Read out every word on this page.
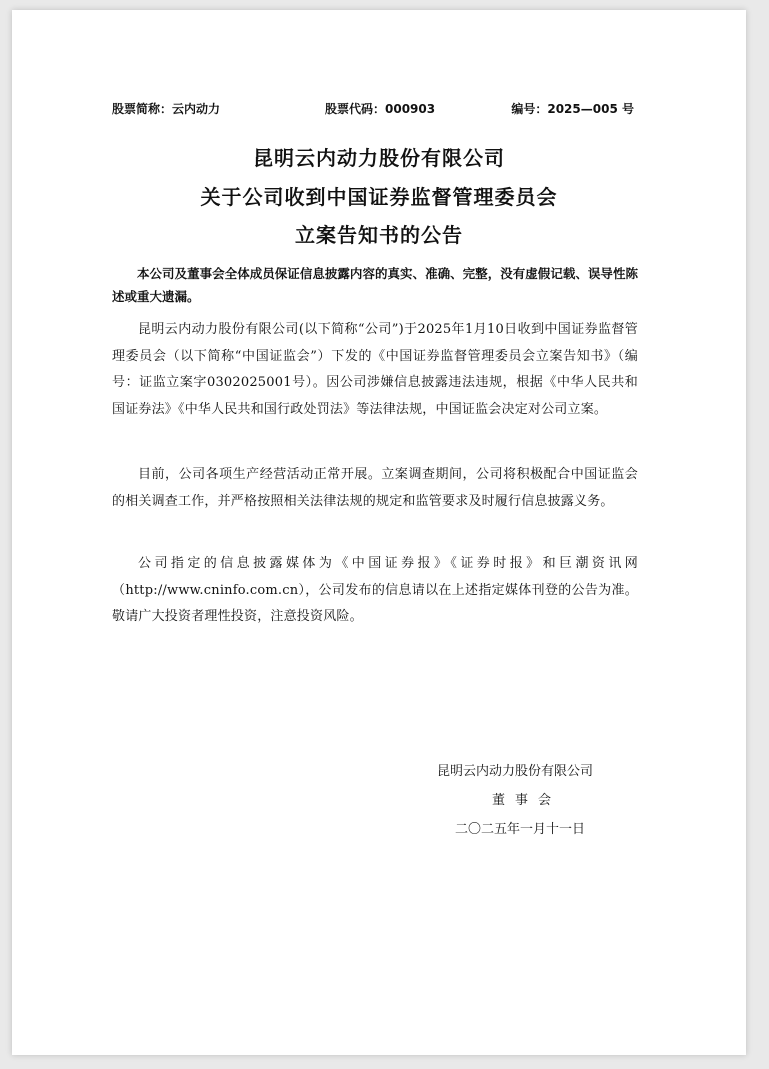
股票简称：云内动力	股票代码：000903	编号：2025—005 号
昆明云内动力股份有限公司
关于公司收到中国证券监督管理委员会
立案告知书的公告
本公司及董事会全体成员保证信息披露内容的真实、准确、完整，没有虚假记载、误导性陈述或重大遗漏。
昆明云内动力股份有限公司(以下简称“公司”)于2025年1月10日收到中国证券监督管理委员会（以下简称“中国证监会”）下发的《中国证券监督管理委员会立案告知书》（编号：证监立案字0302025001号）。因公司涉嫌信息披露违法违规，根据《中华人民共和国证券法》《中华人民共和国行政处罚法》等法律法规，中国证监会决定对公司立案。
目前，公司各项生产经营活动正常开展。立案调查期间，公司将积极配合中国证监会的相关调查工作，并严格按照相关法律法规的规定和监管要求及时履行信息披露义务。
公司指定的信息披露媒体为《中国证券报》《证券时报》和巨潮资讯网（http://www.cninfo.com.cn），公司发布的信息请以在上述指定媒体刊登的公告为准。敬请广大投资者理性投资，注意投资风险。
昆明云内动力股份有限公司
董事会
二〇二五年一月十一日
